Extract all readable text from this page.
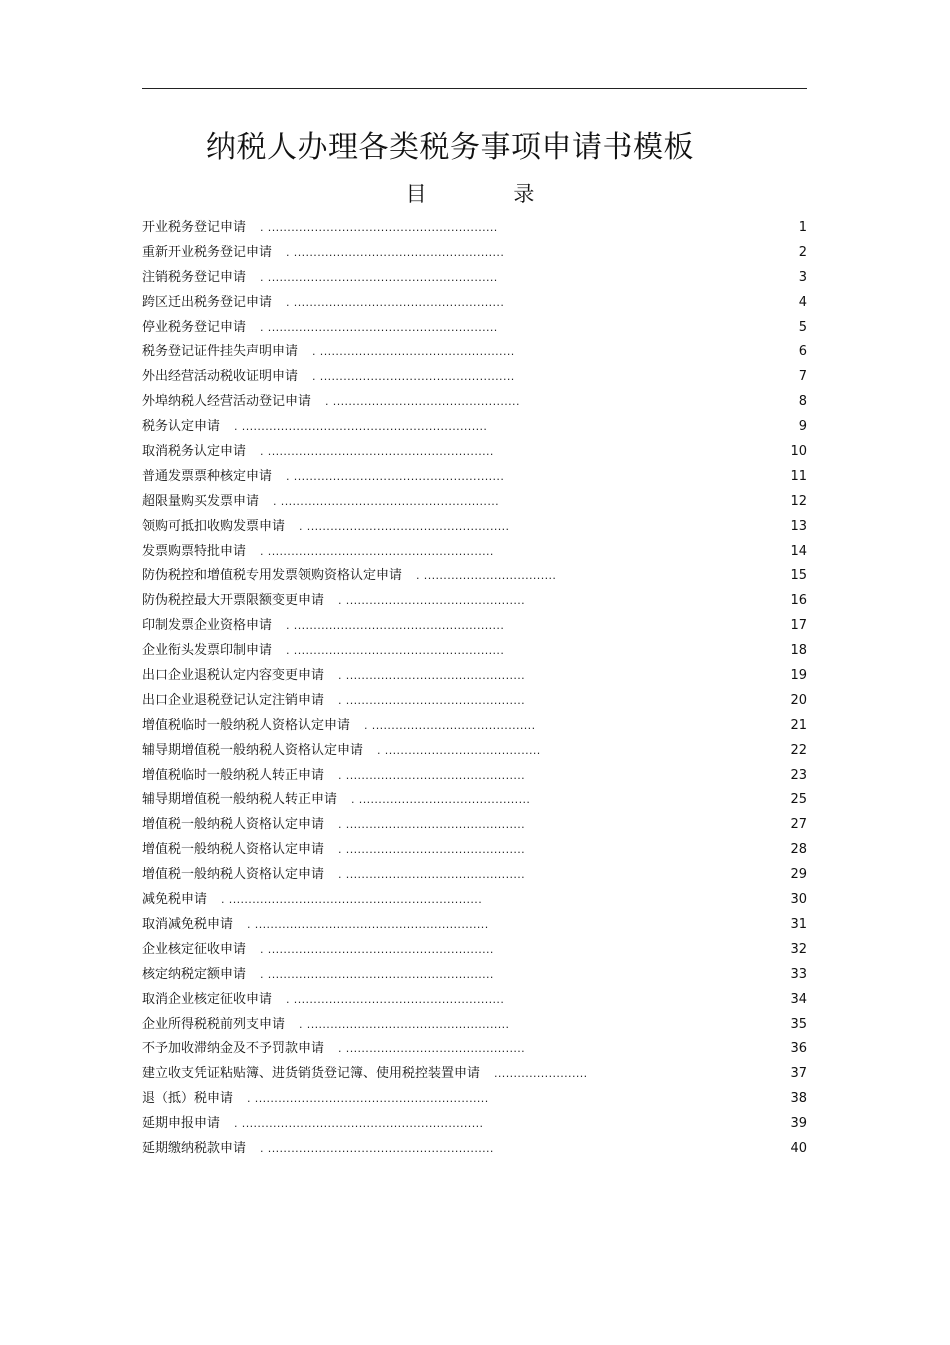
纳税人办理各类税务事项申请书模板
目 录
开业税务登记申请 . ...........................................................	1
重新开业税务登记申请 . ......................................................	2
注销税务登记申请 . ...........................................................	3
跨区迁出税务登记申请 . ......................................................	4
停业税务登记申请 . ...........................................................	5
税务登记证件挂失声明申请 . ..................................................	6
外出经营活动税收证明申请 . ..................................................	7
外埠纳税人经营活动登记申请 . ................................................	8
税务认定申请 . ...............................................................	9
取消税务认定申请 . ..........................................................	10
普通发票票种核定申请 . ......................................................	11
超限量购买发票申请 . ........................................................	12
领购可抵扣收购发票申请 . ....................................................	13
发票购票特批申请 . ..........................................................	14
防伪税控和增值税专用发票领购资格认定申请 . ..................................	15
防伪税控最大开票限额变更申请 . ..............................................	16
印制发票企业资格申请 . ......................................................	17
企业衔头发票印制申请 . ......................................................	18
出口企业退税认定内容变更申请 . ..............................................	19
出口企业退税登记认定注销申请 . ..............................................	20
增值税临时一般纳税人资格认定申请 . ..........................................	21
辅导期增值税一般纳税人资格认定申请 . ........................................	22
增值税临时一般纳税人转正申请 . ..............................................	23
辅导期增值税一般纳税人转正申请 . ............................................	25
增值税一般纳税人资格认定申请 . ..............................................	27
增值税一般纳税人资格认定申请 . ..............................................	28
增值税一般纳税人资格认定申请 . ..............................................	29
减免税申请 . .................................................................	30
取消减免税申请 . ............................................................	31
企业核定征收申请 . ..........................................................	32
核定纳税定额申请 . ..........................................................	33
取消企业核定征收申请 . ......................................................	34
企业所得税税前列支申请 . ....................................................	35
不予加收滞纳金及不予罚款申请 . ..............................................	36
建立收支凭证粘贴簿、进货销货登记簿、使用税控装置申请 ........................	37
退（抵）税申请 . ............................................................	38
延期申报申请 . ..............................................................	39
延期缴纳税款申请 . ..........................................................	40
